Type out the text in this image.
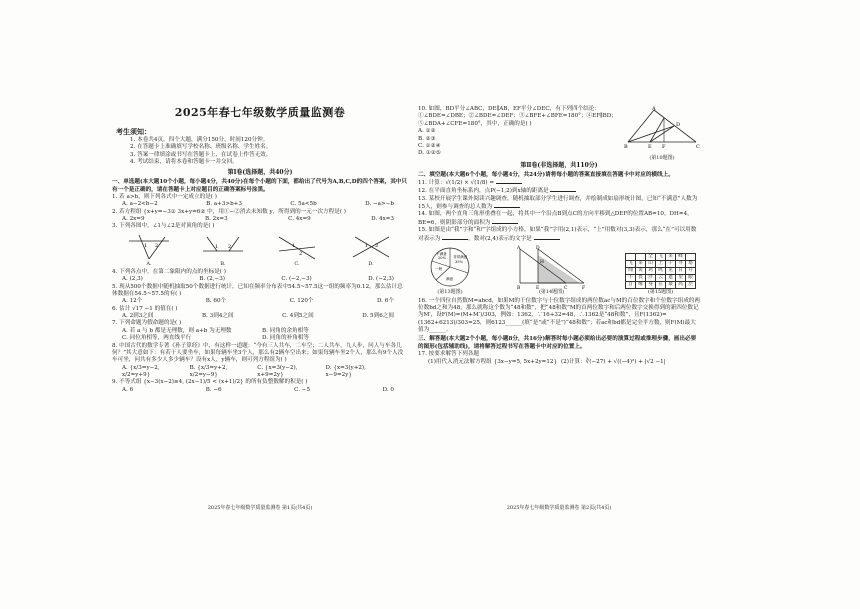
2025年春七年级数学质量监测卷
考生须知：
1. 本卷共4页，四个大题，满分150分，时间120分钟。
2. 在答题卡上准确填写学校名称、班级名称、学生姓名。
3. 答案一律填涂或书写在答题卡上，在试卷上作答无效。
4. 考试结束，请将本卷和答题卡一并交回。
第Ⅰ卷(选择题，共40分)
一、单选题(本大题10个小题，每小题4分，共40分)在每个小题的下面，都给出了代号为A,B,C,D的四个答案，其中只有一个是正确的，请在答题卡上对应题目的正确答案标号涂黑。
1. 若 a>b，则下列各式中一定成立的是( )
A. a−2<b−2	B. a+3>b+3	C. 5a<5b	D. −a>−b
2. 若方程组 {x+y=−3① 3x+y=6② 中，用①−②消去未知数 y，所得到的一元一次方程是( )
A. 2x=9	B. 2x=3	C. 4x=9	D. 4x=3
3. 下列各图中，∠1与∠2是对顶角的是( )
1 2
A.
1 2
B.
1
2
C.
1 2
D.
4. 下列各点中，在第二象限内的点的坐标是( )
A. (2,3)	B. (2,−3)	C. (−2,−3)	D. (−2,3)
5. 现从500个数据中随机抽取50个数据进行统计，已知在频率分布表中54.5~57.5这一组的频率为0.12，那么估计总体数据在54.5~57.5的有( )
A. 12个	B. 60个	C. 120个	D. 6个
6. 估计 √17 −1 的值在( )
A. 2到3之间	B. 3到4之间	C. 4到5之间	D. 5到6之间
7. 下列命题为假命题的是( )
A. 若 a 与 b 都是无理数，则 a+b 为无理数	B. 同角的余角相等
C. 同位角相等，两直线平行	D. 同角的补角相等
8. 中国古代的数学专著《孙子算经》中，有这样一道题：“今有三人共车，二车空；二人共车，九人步，问人与车各几何？”其大意如下：有若干人要坐车，如果每辆车坐3个人，那么有2辆车空出来；如果每辆车坐2个人，那么有9个人没车可坐，问共有多少人多少辆车？设有x人，y辆车，则可列方程组为( )
A. {x/3=y−2, x/2=y+9}
B. {x/3=y+2, x/2=y−9}
C. {x=3(y−2), x+9=2y}
D. {x=3(y+2), x−9=2y}
9. 不等式组 {x−3(x−2)≥4, (2x−1)/5 < (x+1)/2} 的所有负整数解的积是( )
A. 6	B. −6	C. −5	D. 0
2025年春七年级数学质量监测卷 第1页(共4页)
10. 如图，BD平分∠ABC，DE∥AB，EF平分∠DEC，有下列四个结论：①∠BDE=∠DBE；②∠BDE=∠DEF；③∠BFE+∠BFE=180°；④EF∥BD；⑤∠BDA+∠CFE=180°，其中，正确的是( )
A. ①②
B. ②③
C. ①②④
D. ①②⑤
A
B	C
D
E F
(第10题图)
第Ⅱ卷(非选择题，共110分)
二、填空题(本大题6个小题，每小题4分，共24分)请将每小题的答案直接填在答题卡中对应的横线上。
11. 计算：√(1/2) × √(1/8) =
12. 在平面直角坐标系内，点P(−1,2)到x轴的距离是
13. 某校开展学生课外阅读兴趣调查，随机抽取部分学生进行调查，并绘制成如扇形统计图，已知“不满意”人数为15人，则参与调查的总人数为
14. 如图，两个直角三角形重叠在一起，将其中一个沿点B到点C的方向平移到△DEF的位置AB=10，DH=4，BE=6，则阴影部分的面积为
15. 如图是由“我”字和“和”字组成的小方格，如果“我”字用(2,1)表示，“上”用数对(3,3)表示，那么“在”可以用数对表示为	，数对(2,4)表示的文字是
不满意
20%
一般
非常满意
35%
满意
(第13题图)
A	D
H
B	E	C	F
(第14题图)
		全	飞	来	峰	
飞	来	山	上	千	寻	塔
闻	说	鸡	鸣	见	日	升
不	畏	浮	云	遮	望	眼
自	缘	身	在	最	高	层
(第15题图)
16. 一个四位自然数M=abcd，如果M的千位数字与十位数字组成的两位数ac与M的百位数字和个位数字组成的两位数bd之和为48，那么就称这个数为“48和数”，把“48和数”M的首两位数字和后两位数字交换得到的新四位数记为M′，设F(M)=(M+M′)/303，例如：1362，∵16+32=48，∴1362是“48和数”，且F(1362)=(1362+6213)/303=25，则6123______(填“是”或“不是”)“48和数”；若ac和bd都是完全平方数，则F(M)最大值为______。
三、解答题(本大题2个小题，每小题8分，共16分)解答时每小题必须给出必要的演算过程或推理步骤，画出必要的图形(包括辅助线)，请将解答过程书写在答题卡中对应的位置上。
17. 按要求解答下列各题
(1)用代入消元法解方程组 {3x−y=5, 5x+2y=12} (2)计算：∛(−27) + √((−4)²) + |√2 −1|
2025年春七年级数学质量监测卷 第2页(共4页)
